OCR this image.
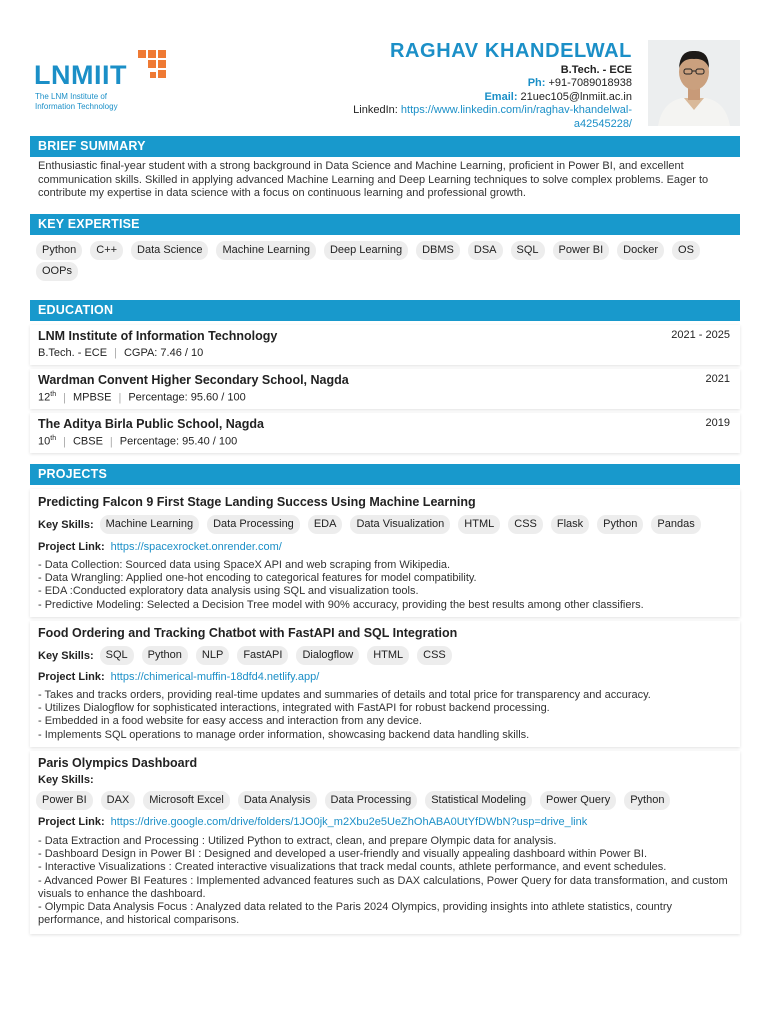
LNMIIT
The LNM Institute of
Information Technology
RAGHAV KHANDELWAL
B.Tech. - ECE
Ph: +91-7089018938
Email: 21uec105@lnmiit.ac.in
LinkedIn: https://www.linkedin.com/in/raghav-khandelwal-
a42545228/
BRIEF SUMMARY
Enthusiastic final-year student with a strong background in Data Science and Machine Learning, proficient in Power BI, and excellent communication skills. Skilled in applying advanced Machine Learning and Deep Learning techniques to solve complex problems. Eager to contribute my expertise in data science with a focus on continuous learning and professional growth.
KEY EXPERTISE
Python	C++	Data Science	Machine Learning	Deep Learning	DBMS	DSA	SQL	Power BI	Docker	OS
OOPs
EDUCATION
LNM Institute of Information Technology	2021 - 2025
B.Tech. - ECE | CGPA: 7.46 / 10
Wardman Convent Higher Secondary School, Nagda	2021
12th | MPBSE | Percentage: 95.60 / 100
The Aditya Birla Public School, Nagda	2019
10th | CBSE | Percentage: 95.40 / 100
PROJECTS
Predicting Falcon 9 First Stage Landing Success Using Machine Learning
Key Skills:	Machine Learning	Data Processing	EDA	Data Visualization	HTML	CSS	Flask	Python	Pandas
Project Link: https://spacexrocket.onrender.com/
- Data Collection: Sourced data using SpaceX API and web scraping from Wikipedia.
- Data Wrangling: Applied one-hot encoding to categorical features for model compatibility.
- EDA :Conducted exploratory data analysis using SQL and visualization tools.
- Predictive Modeling: Selected a Decision Tree model with 90% accuracy, providing the best results among other classifiers.
Food Ordering and Tracking Chatbot with FastAPI and SQL Integration
Key Skills:	SQL	Python	NLP	FastAPI	Dialogflow	HTML	CSS
Project Link: https://chimerical-muffin-18dfd4.netlify.app/
- Takes and tracks orders, providing real-time updates and summaries of details and total price for transparency and accuracy.
- Utilizes Dialogflow for sophisticated interactions, integrated with FastAPI for robust backend processing.
- Embedded in a food website for easy access and interaction from any device.
- Implements SQL operations to manage order information, showcasing backend data handling skills.
Paris Olympics Dashboard
Key Skills:
Power BI	DAX	Microsoft Excel	Data Analysis	Data Processing	Statistical Modeling	Power Query	Python
Project Link: https://drive.google.com/drive/folders/1JO0jk_m2Xbu2e5UeZhOhABA0UtYfDWbN?usp=drive_link
- Data Extraction and Processing : Utilized Python to extract, clean, and prepare Olympic data for analysis.
- Dashboard Design in Power BI : Designed and developed a user-friendly and visually appealing dashboard within Power BI.
- Interactive Visualizations : Created interactive visualizations that track medal counts, athlete performance, and event schedules.
- Advanced Power BI Features : Implemented advanced features such as DAX calculations, Power Query for data transformation, and custom visuals to enhance the dashboard.
- Olympic Data Analysis Focus : Analyzed data related to the Paris 2024 Olympics, providing insights into athlete statistics, country performance, and historical comparisons.
